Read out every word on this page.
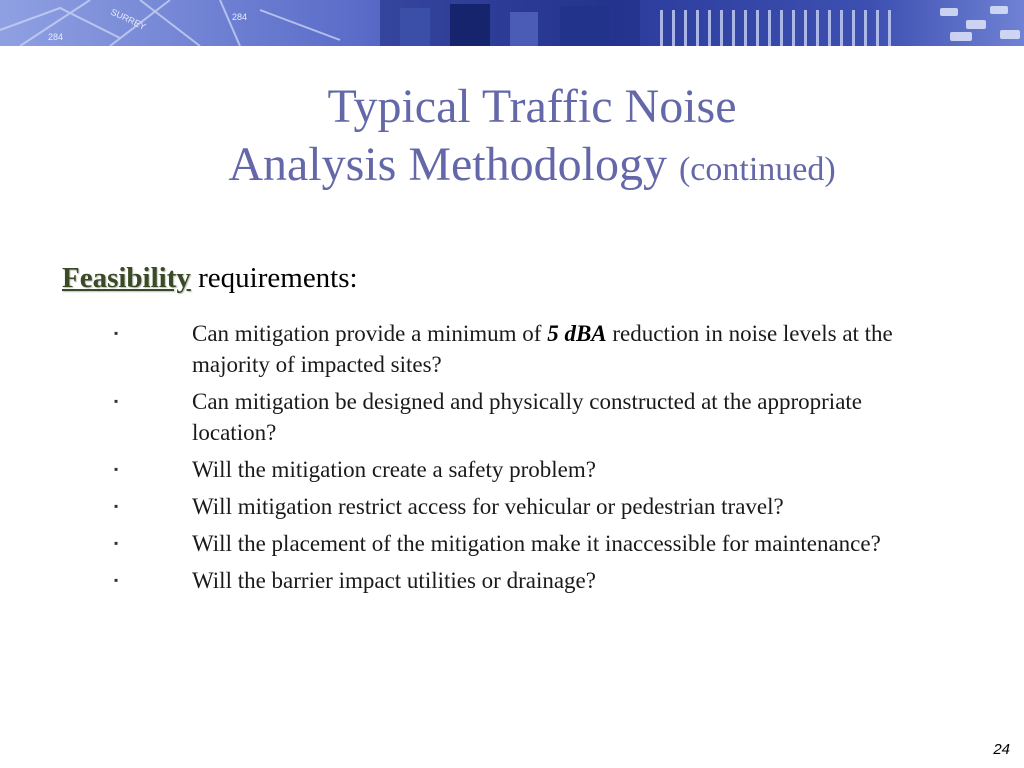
284
SURREY	284
Typical Traffic Noise
Analysis Methodology (continued)
Feasibility requirements:
▪	Can mitigation provide a minimum of 5 dBA reduction in noise levels at the majority of impacted sites?
▪	Can mitigation be designed and physically constructed at the appropriate location?
▪	Will the mitigation create a safety problem?
▪	Will mitigation restrict access for vehicular or pedestrian travel?
▪	Will the placement of the mitigation make it inaccessible for maintenance?
▪	Will the barrier impact utilities or drainage?
24
